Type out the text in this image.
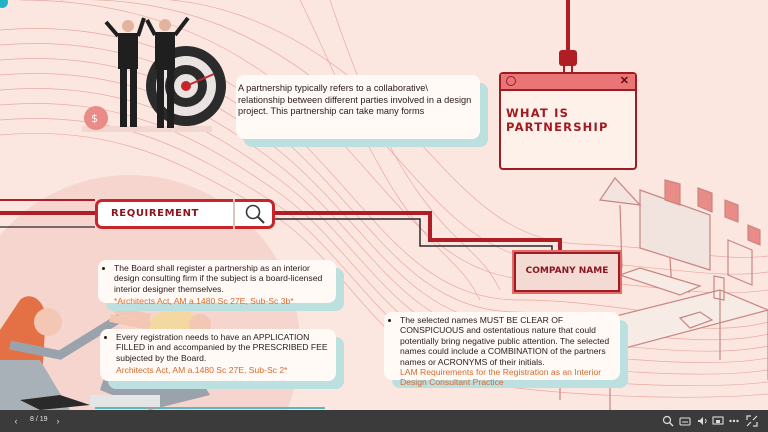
$
A partnership typically refers to a collaborative\ relationship between different parties involved in a design project. This partnership can take many forms
✕
WHAT IS
PARTNERSHIP
REQUIREMENT
• The Board shall register a partnership as an interior design consulting firm if the subject is a board-licensed interior designer themselves.
*Architects Act, AM a.1480 Sc 27E, Sub-Sc 3b*
• Every registration needs to have an APPLICATION FILLED in and accompanied by the PRESCRIBED FEE subjected by the Board.
Architects Act, AM a.1480 Sc 27E, Sub-Sc 2*
COMPANY NAME
• The selected names MUST BE CLEAR OF CONSPICUOUS and ostentatious nature that could potentially bring negative public attention. The selected names could include a COMBINATION of the partners names or ACRONYMS of their initials.
LAM Requirements for the Registration as an Interior Design Consultant Practice
‹	8 / 19 ›
